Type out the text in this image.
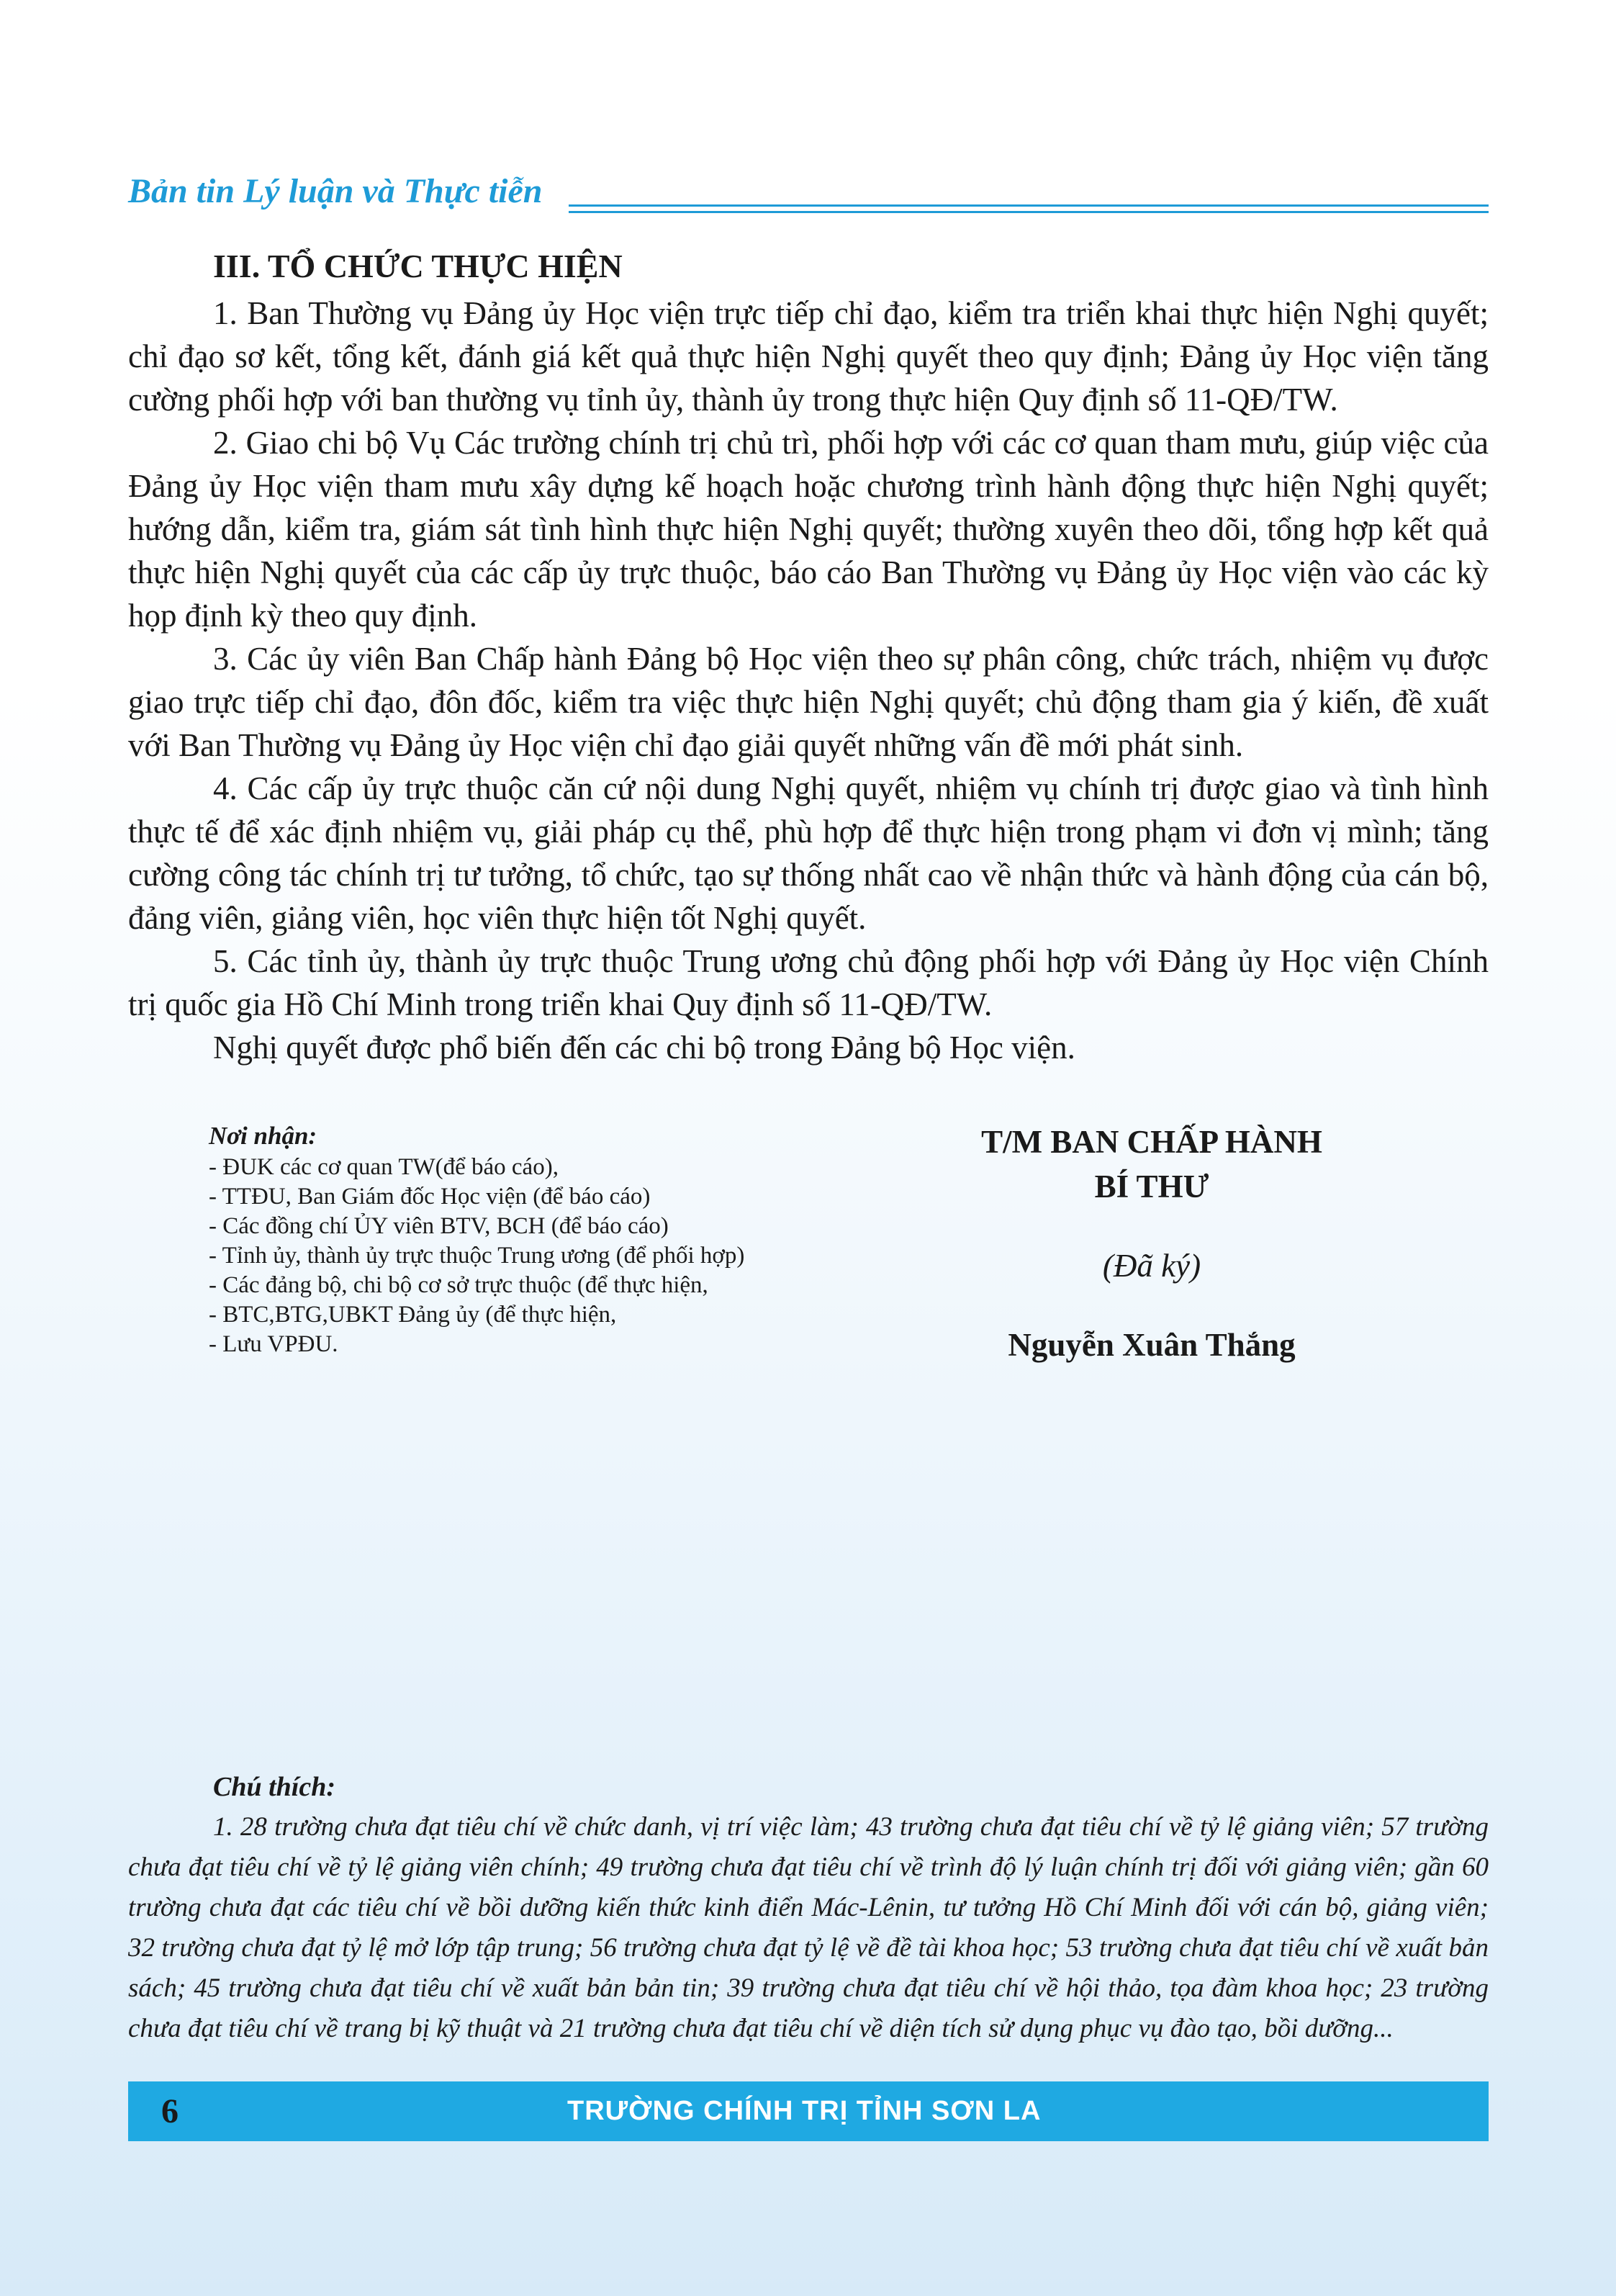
Bản tin Lý luận và Thực tiễn
III. TỔ CHỨC THỰC HIỆN

1. Ban Thường vụ Đảng ủy Học viện trực tiếp chỉ đạo, kiểm tra triển khai thực hiện Nghị quyết; chỉ đạo sơ kết, tổng kết, đánh giá kết quả thực hiện Nghị quyết theo quy định; Đảng ủy Học viện tăng cường phối hợp với ban thường vụ tỉnh ủy, thành ủy trong thực hiện Quy định số 11-QĐ/TW.

2. Giao chi bộ Vụ Các trường chính trị chủ trì, phối hợp với các cơ quan tham mưu, giúp việc của Đảng ủy Học viện tham mưu xây dựng kế hoạch hoặc chương trình hành động thực hiện Nghị quyết; hướng dẫn, kiểm tra, giám sát tình hình thực hiện Nghị quyết; thường xuyên theo dõi, tổng hợp kết quả thực hiện Nghị quyết của các cấp ủy trực thuộc, báo cáo Ban Thường vụ Đảng ủy Học viện vào các kỳ họp định kỳ theo quy định.

3. Các ủy viên Ban Chấp hành Đảng bộ Học viện theo sự phân công, chức trách, nhiệm vụ được giao trực tiếp chỉ đạo, đôn đốc, kiểm tra việc thực hiện Nghị quyết; chủ động tham gia ý kiến, đề xuất với Ban Thường vụ Đảng ủy Học viện chỉ đạo giải quyết những vấn đề mới phát sinh.

4. Các cấp ủy trực thuộc căn cứ nội dung Nghị quyết, nhiệm vụ chính trị được giao và tình hình thực tế để xác định nhiệm vụ, giải pháp cụ thể, phù hợp để thực hiện trong phạm vi đơn vị mình; tăng cường công tác chính trị tư tưởng, tổ chức, tạo sự thống nhất cao về nhận thức và hành động của cán bộ, đảng viên, giảng viên, học viên thực hiện tốt Nghị quyết.

5. Các tỉnh ủy, thành ủy trực thuộc Trung ương chủ động phối hợp với Đảng ủy Học viện Chính trị quốc gia Hồ Chí Minh trong triển khai Quy định số 11-QĐ/TW.

Nghị quyết được phổ biến đến các chi bộ trong Đảng bộ Học viện.

Nơi nhận:
- ĐUK các cơ quan TW(để báo cáo),
- TTĐU, Ban Giám đốc Học viện (để báo cáo)
- Các đồng chí ỦY viên BTV, BCH (để báo cáo)
- Tỉnh ủy, thành ủy trực thuộc Trung ương (để phối hợp)
- Các đảng bộ, chi bộ cơ sở trực thuộc (để thực hiện,
- BTC,BTG,UBKT Đảng ủy (để thực hiện,
- Lưu VPĐU.
T/M BAN CHẤP HÀNH
BÍ THƯ
(Đã ký)
Nguyễn Xuân Thắng
Chú thích:

1. 28 trường chưa đạt tiêu chí về chức danh, vị trí việc làm; 43 trường chưa đạt tiêu chí về tỷ lệ giảng viên; 57 trường chưa đạt tiêu chí về tỷ lệ giảng viên chính; 49 trường chưa đạt tiêu chí về trình độ lý luận chính trị đối với giảng viên; gần 60 trường chưa đạt các tiêu chí về bồi dưỡng kiến thức kinh điển Mác-Lênin, tư tưởng Hồ Chí Minh đối với cán bộ, giảng viên; 32 trường chưa đạt tỷ lệ mở lớp tập trung; 56 trường chưa đạt tỷ lệ về đề tài khoa học; 53 trường chưa đạt tiêu chí về xuất bản sách; 45 trường chưa đạt tiêu chí về xuất bản bản tin; 39 trường chưa đạt tiêu chí về hội thảo, tọa đàm khoa học; 23 trường chưa đạt tiêu chí về trang bị kỹ thuật và 21 trường chưa đạt tiêu chí về diện tích sử dụng phục vụ đào tạo, bồi dưỡng...

6	TRƯỜNG CHÍNH TRỊ TỈNH SƠN LA
